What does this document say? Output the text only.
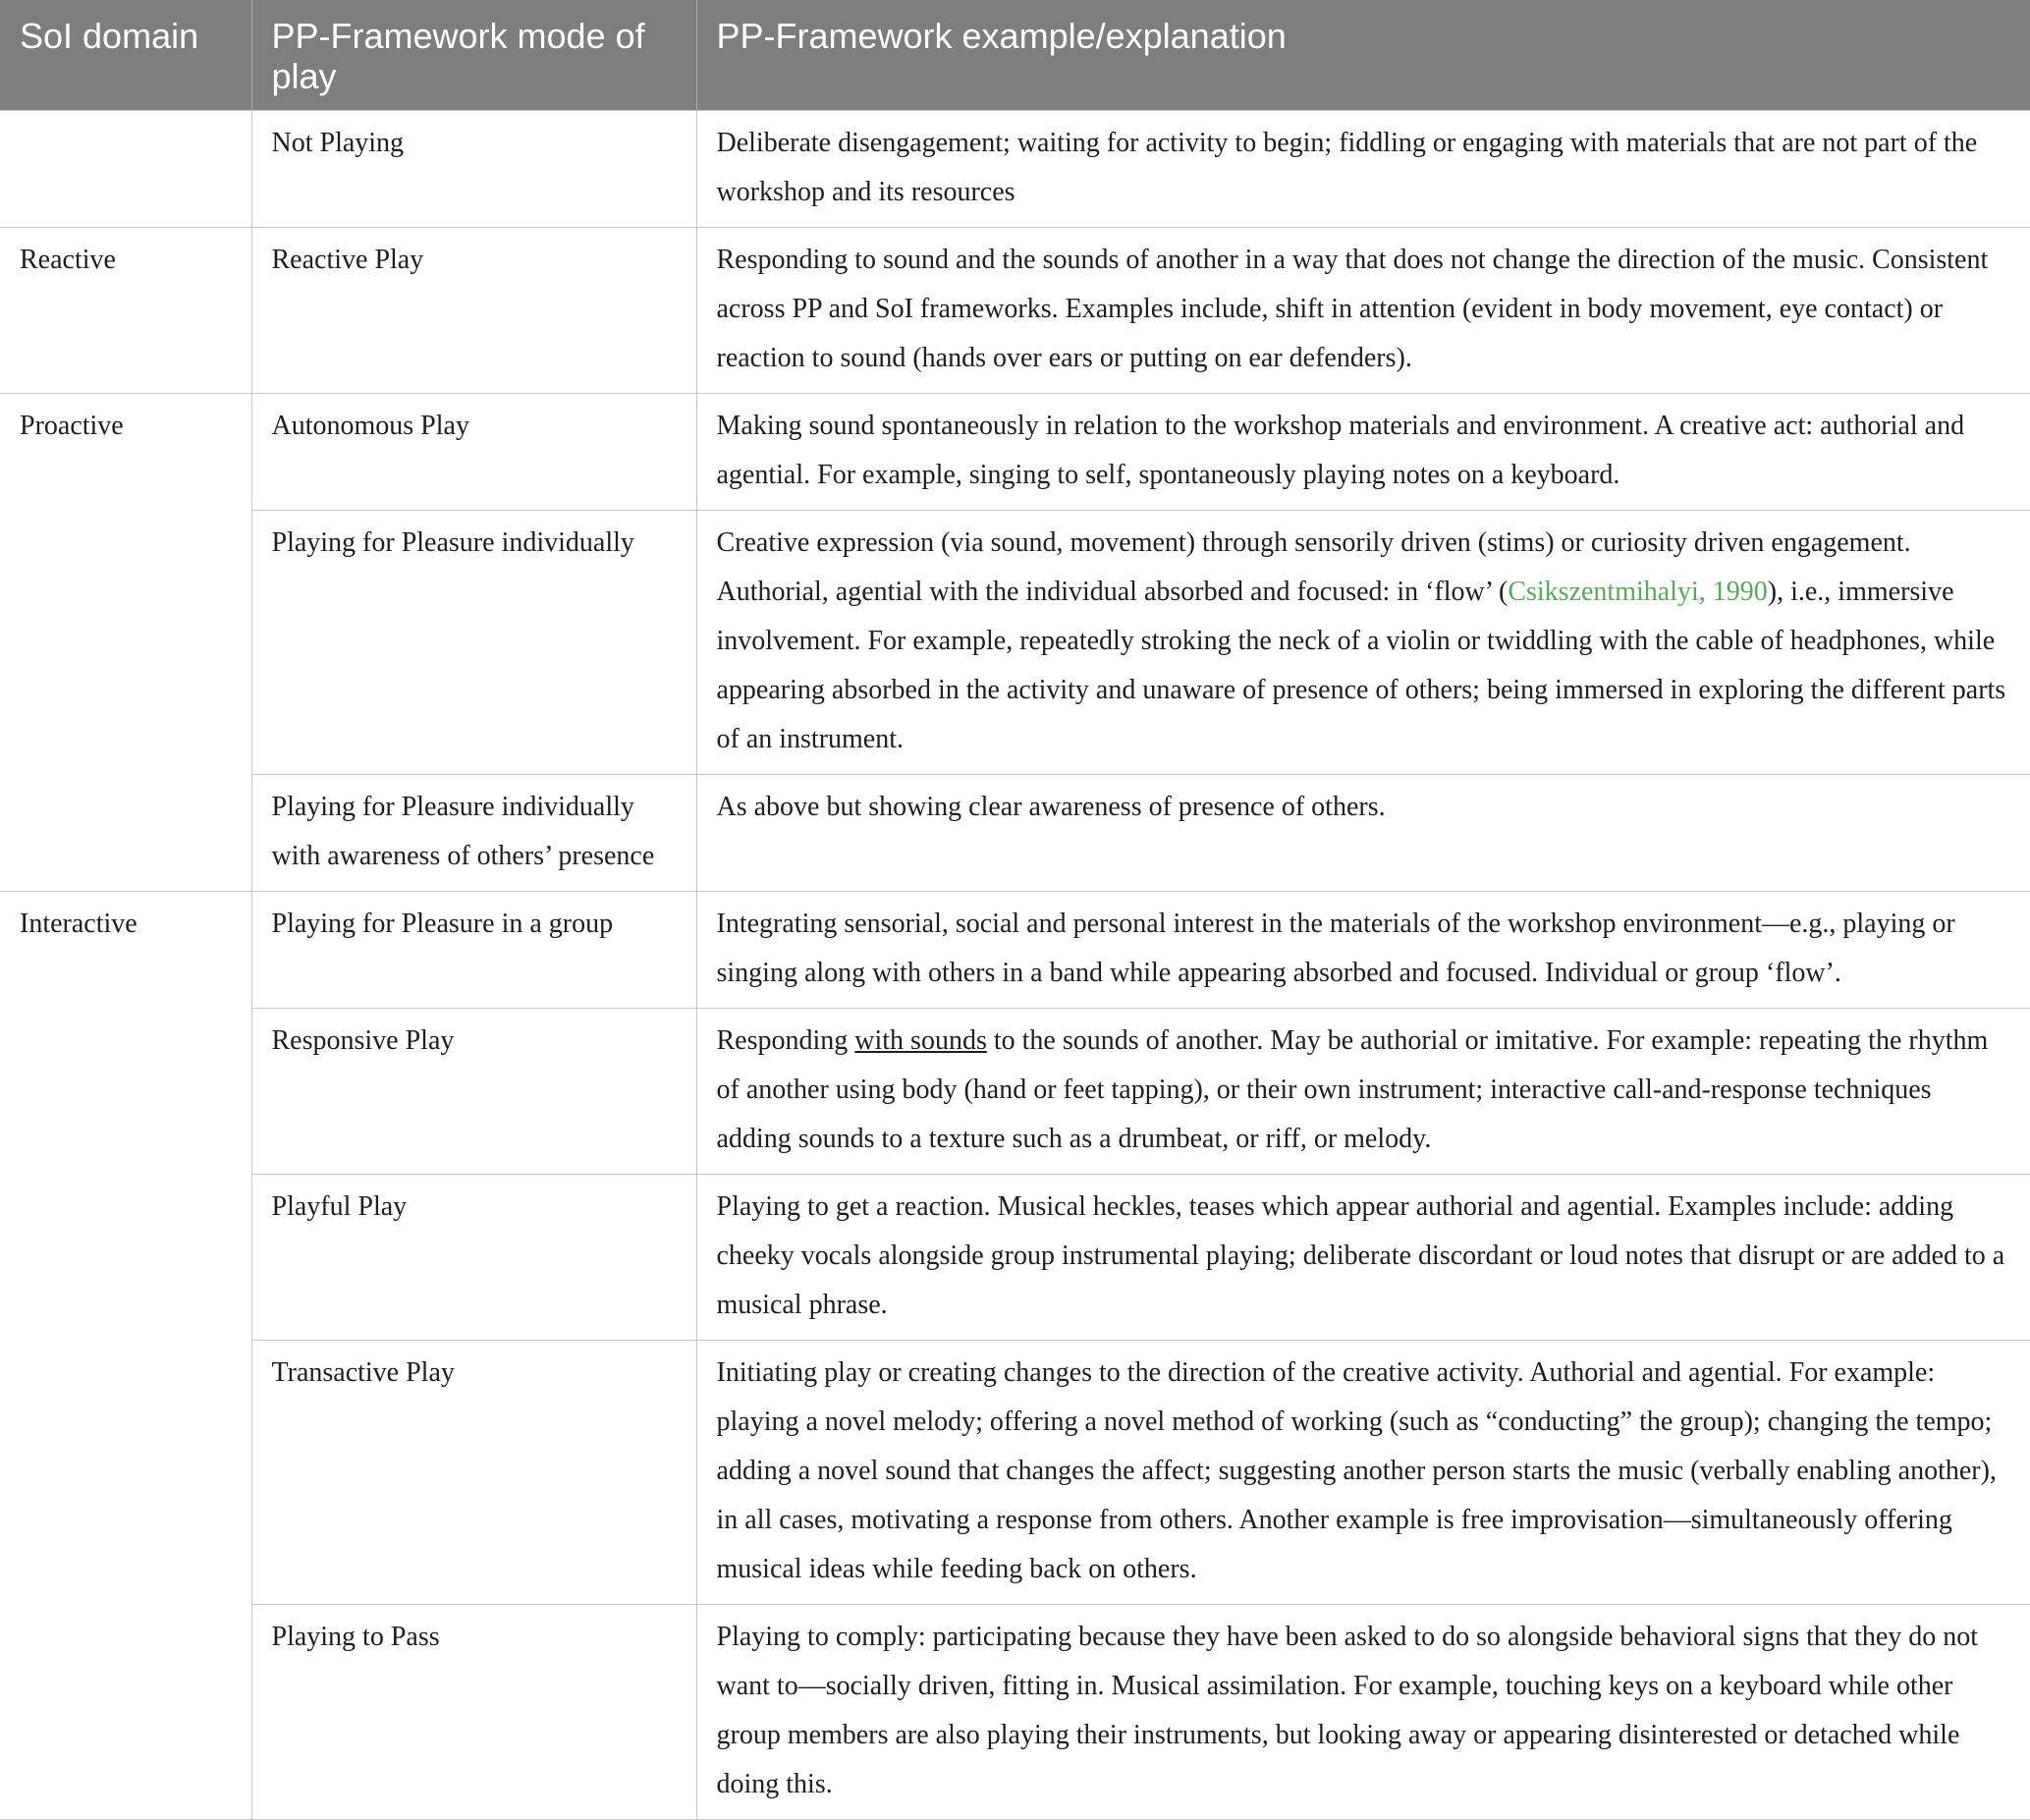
SoI domain	PP-Framework mode of play	PP-Framework example/explanation
	Not Playing	Deliberate disengagement; waiting for activity to begin; fiddling or engaging with materials that are not part of the workshop and its resources
Reactive	Reactive Play	Responding to sound and the sounds of another in a way that does not change the direction of the music. Consistent across PP and SoI frameworks. Examples include, shift in attention (evident in body movement, eye contact) or reaction to sound (hands over ears or putting on ear defenders).
Proactive	Autonomous Play	Making sound spontaneously in relation to the workshop materials and environment. A creative act: authorial and agential. For example, singing to self, spontaneously playing notes on a keyboard.
	Playing for Pleasure individually	Creative expression (via sound, movement) through sensorily driven (stims) or curiosity driven engagement. Authorial, agential with the individual absorbed and focused: in ‘flow’ (Csikszentmihalyi, 1990), i.e., immersive involvement. For example, repeatedly stroking the neck of a violin or twiddling with the cable of headphones, while appearing absorbed in the activity and unaware of presence of others; being immersed in exploring the different parts of an instrument.
	Playing for Pleasure individually with awareness of others’ presence	As above but showing clear awareness of presence of others.
Interactive	Playing for Pleasure in a group	Integrating sensorial, social and personal interest in the materials of the workshop environment—e.g., playing or singing along with others in a band while appearing absorbed and focused. Individual or group ‘flow’.
	Responsive Play	Responding with sounds to the sounds of another. May be authorial or imitative. For example: repeating the rhythm of another using body (hand or feet tapping), or their own instrument; interactive call-and-response techniques adding sounds to a texture such as a drumbeat, or riff, or melody.
	Playful Play	Playing to get a reaction. Musical heckles, teases which appear authorial and agential. Examples include: adding cheeky vocals alongside group instrumental playing; deliberate discordant or loud notes that disrupt or are added to a musical phrase.
	Transactive Play	Initiating play or creating changes to the direction of the creative activity. Authorial and agential. For example: playing a novel melody; offering a novel method of working (such as “conducting” the group); changing the tempo; adding a novel sound that changes the affect; suggesting another person starts the music (verbally enabling another), in all cases, motivating a response from others. Another example is free improvisation—simultaneously offering musical ideas while feeding back on others.
	Playing to Pass	Playing to comply: participating because they have been asked to do so alongside behavioral signs that they do not want to—socially driven, fitting in. Musical assimilation. For example, touching keys on a keyboard while other group members are also playing their instruments, but looking away or appearing disinterested or detached while doing this.
